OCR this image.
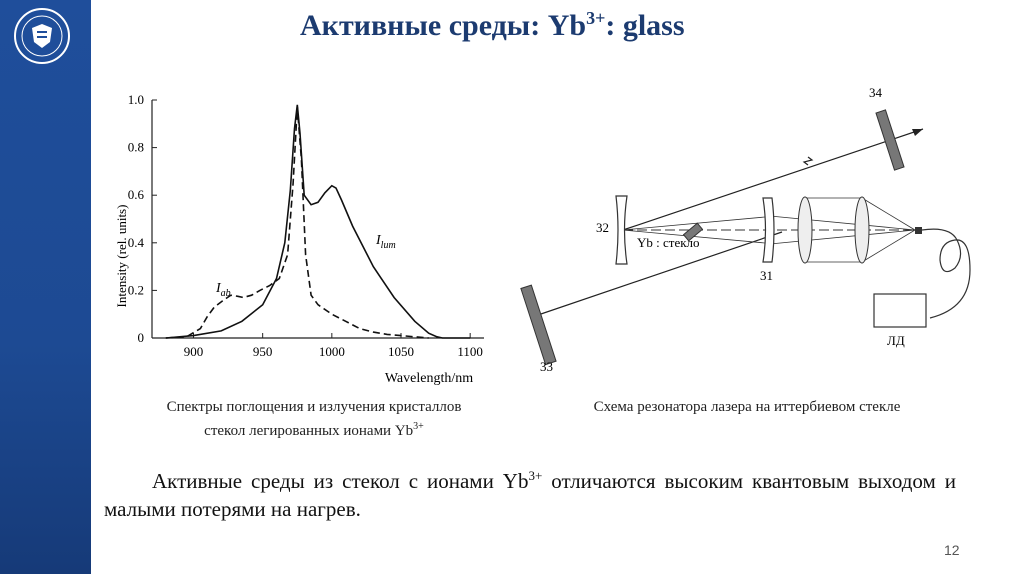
Активные среды: $Yb^{3+}$: glass
900	950	1000	1050	1100
0
0.2
0.4
0.6
0.8
1.0
Intensity (rel. units)
Wavelength/nm
$I_{lum}$
$I_{ab}$
34
32
31
33
Yb : стекло
ЛД
Спектры поглощения и излучения кристаллов
стекол легированных ионами $Yb^{3+}$
Схема резонатора лазера на иттербиевом стекле
Активные среды из стекол с ионами $Yb^{3+}$ отличаются высоким квантовым выходом и малыми потерями на нагрев.
12
